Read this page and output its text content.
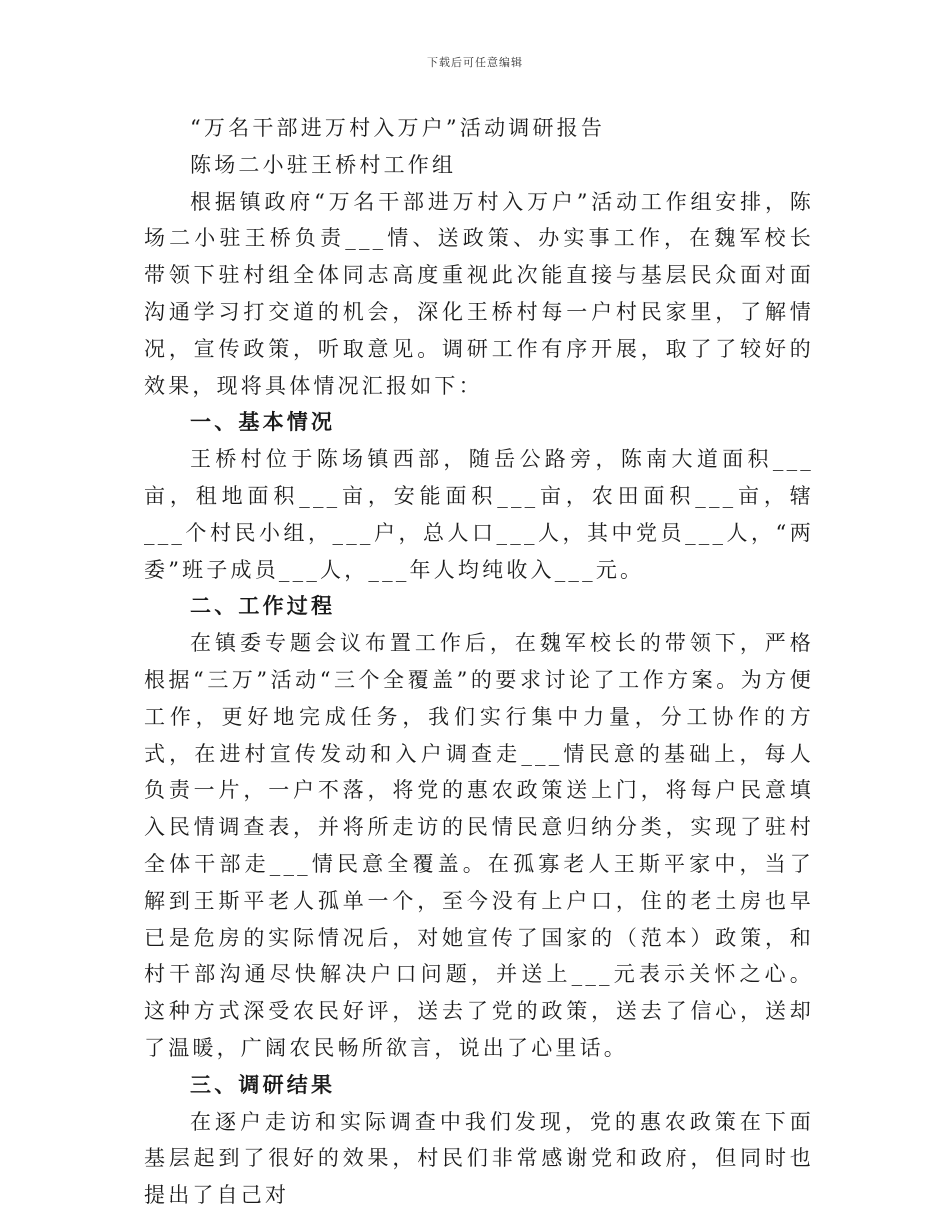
下载后可任意编辑

“万名干部进万村入万户”活动调研报告

陈场二小驻王桥村工作组

根据镇政府“万名干部进万村入万户”活动工作组安排，陈场二小驻王桥负责___情、送政策、办实事工作，在魏军校长带领下驻村组全体同志高度重视此次能直接与基层民众面对面沟通学习打交道的机会，深化王桥村每一户村民家里，了解情况，宣传政策，听取意见。调研工作有序开展，取了了较好的效果，现将具体情况汇报如下：

一、基本情况

王桥村位于陈场镇西部，随岳公路旁，陈南大道面积___亩，租地面积___亩，安能面积___亩，农田面积___亩，辖___个村民小组，___户，总人口___人，其中党员___人，“两委”班子成员___人，___年人均纯收入___元。

二、工作过程

在镇委专题会议布置工作后，在魏军校长的带领下，严格根据“三万”活动“三个全覆盖”的要求讨论了工作方案。为方便工作，更好地完成任务，我们实行集中力量，分工协作的方式，在进村宣传发动和入户调查走___情民意的基础上，每人负责一片，一户不落，将党的惠农政策送上门，将每户民意填入民情调查表，并将所走访的民情民意归纳分类，实现了驻村全体干部走___情民意全覆盖。在孤寡老人王斯平家中，当了解到王斯平老人孤单一个，至今没有上户口，住的老土房也早已是危房的实际情况后，对她宣传了国家的（范本）政策，和村干部沟通尽快解决户口问题，并送上___元表示关怀之心。这种方式深受农民好评，送去了党的政策，送去了信心，送却了温暖，广阔农民畅所欲言，说出了心里话。

三、调研结果

在逐户走访和实际调查中我们发现，党的惠农政策在下面基层起到了很好的效果，村民们非常感谢党和政府，但同时也提出了自己对
